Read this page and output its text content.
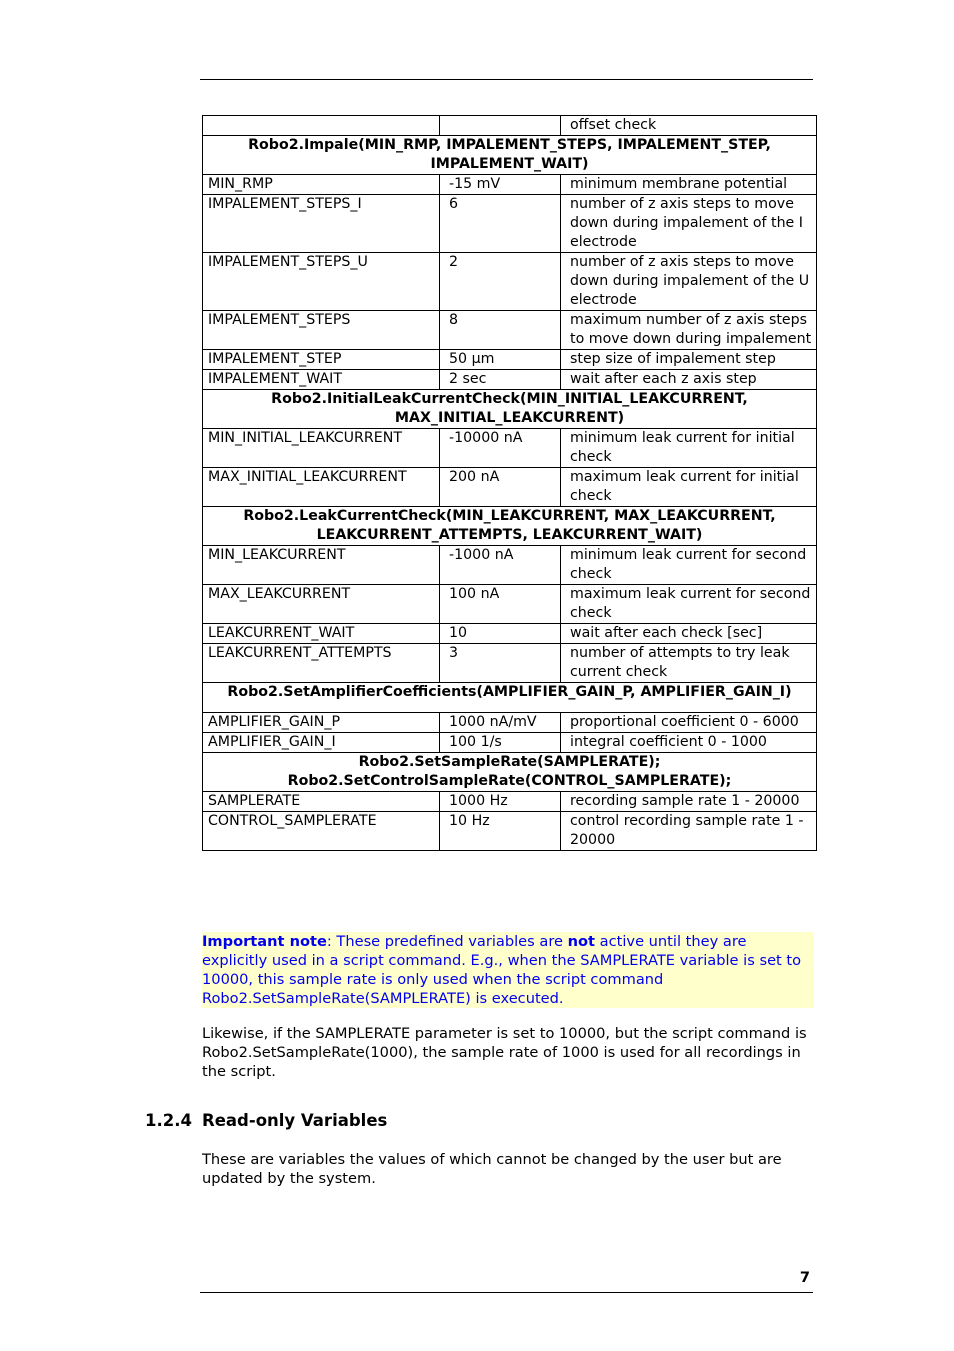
		offset check
Robo2.Impale(MIN_RMP, IMPALEMENT_STEPS, IMPALEMENT_STEP, IMPALEMENT_WAIT)		
MIN_RMP	-15 mV	minimum membrane potential
IMPALEMENT_STEPS_I	6	number of z axis steps to move down during impalement of the I electrode
IMPALEMENT_STEPS_U	2	number of z axis steps to move down during impalement of the U electrode
IMPALEMENT_STEPS	8	maximum number of z axis steps to move down during impalement
IMPALEMENT_STEP	50 µm	step size of impalement step
IMPALEMENT_WAIT	2 sec	wait after each z axis step
Robo2.InitialLeakCurrentCheck(MIN_INITIAL_LEAKCURRENT, MAX_INITIAL_LEAKCURRENT)		
MIN_INITIAL_LEAKCURRENT	-10000 nA	minimum leak current for initial check
MAX_INITIAL_LEAKCURRENT	200 nA	maximum leak current for initial check
Robo2.LeakCurrentCheck(MIN_LEAKCURRENT, MAX_LEAKCURRENT, LEAKCURRENT_ATTEMPTS, LEAKCURRENT_WAIT)		
MIN_LEAKCURRENT	-1000 nA	minimum leak current for second check
MAX_LEAKCURRENT	100 nA	maximum leak current for second check
LEAKCURRENT_WAIT	10	wait after each check [sec]
LEAKCURRENT_ATTEMPTS	3	number of attempts to try leak current check
Robo2.SetAmplifierCoefficients(AMPLIFIER_GAIN_P, AMPLIFIER_GAIN_I)		
AMPLIFIER_GAIN_P	1000 nA/mV	proportional coefficient 0 - 6000
AMPLIFIER_GAIN_I	100 1/s	integral coefficient 0 - 1000
Robo2.SetSampleRate(SAMPLERATE); Robo2.SetControlSampleRate(CONTROL_SAMPLERATE);		
SAMPLERATE	1000 Hz	recording sample rate 1 - 20000
CONTROL_SAMPLERATE	10 Hz	control recording sample rate 1 - 20000
Important note: These predefined variables are not active until they are explicitly used in a script command. E.g., when the SAMPLERATE variable is set to 10000, this sample rate is only used when the script command Robo2.SetSampleRate(SAMPLERATE) is executed.
Likewise, if the SAMPLERATE parameter is set to 10000, but the script command is Robo2.SetSampleRate(1000), the sample rate of 1000 is used for all recordings in the script.
1.2.4 Read-only Variables
These are variables the values of which cannot be changed by the user but are updated by the system.
7
